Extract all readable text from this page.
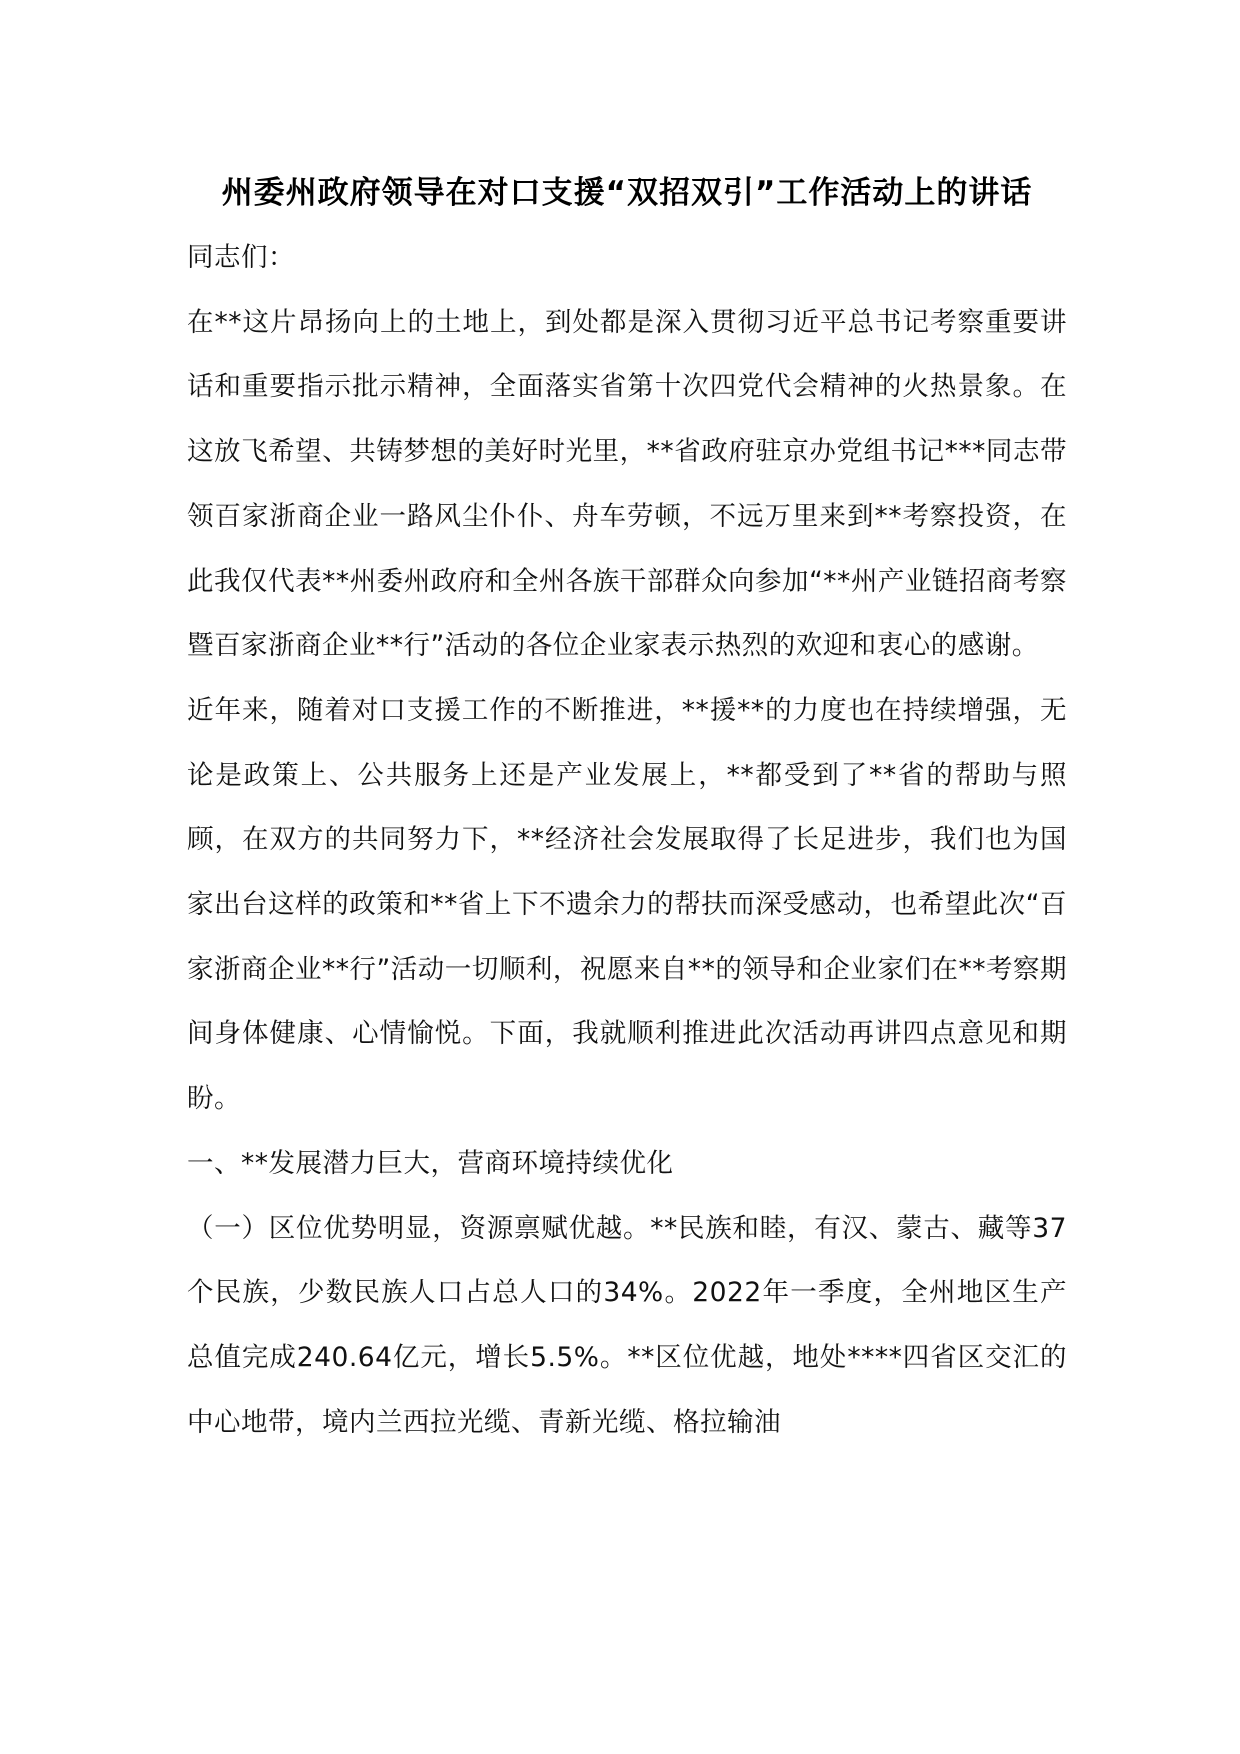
州委州政府领导在对口支援“双招双引”工作活动上的讲话

同志们：

在**这片昂扬向上的土地上，到处都是深入贯彻习近平总书记考察重要讲话和重要指示批示精神，全面落实省第十次四党代会精神的火热景象。在这放飞希望、共铸梦想的美好时光里，**省政府驻京办党组书记***同志带领百家浙商企业一路风尘仆仆、舟车劳顿，不远万里来到**考察投资，在此我仅代表**州委州政府和全州各族干部群众向参加“**州产业链招商考察暨百家浙商企业**行”活动的各位企业家表示热烈的欢迎和衷心的感谢。

近年来，随着对口支援工作的不断推进，**援**的力度也在持续增强，无论是政策上、公共服务上还是产业发展上，**都受到了**省的帮助与照顾，在双方的共同努力下，**经济社会发展取得了长足进步，我们也为国家出台这样的政策和**省上下不遗余力的帮扶而深受感动，也希望此次“百家浙商企业**行”活动一切顺利，祝愿来自**的领导和企业家们在**考察期间身体健康、心情愉悦。下面，我就顺利推进此次活动再讲四点意见和期盼。

一、**发展潜力巨大，营商环境持续优化

（一）区位优势明显，资源禀赋优越。**民族和睦，有汉、蒙古、藏等37个民族，少数民族人口占总人口的34%。2022年一季度，全州地区生产总值完成240.64亿元，增长5.5%。**区位优越，地处****四省区交汇的中心地带，境内兰西拉光缆、青新光缆、格拉输油
